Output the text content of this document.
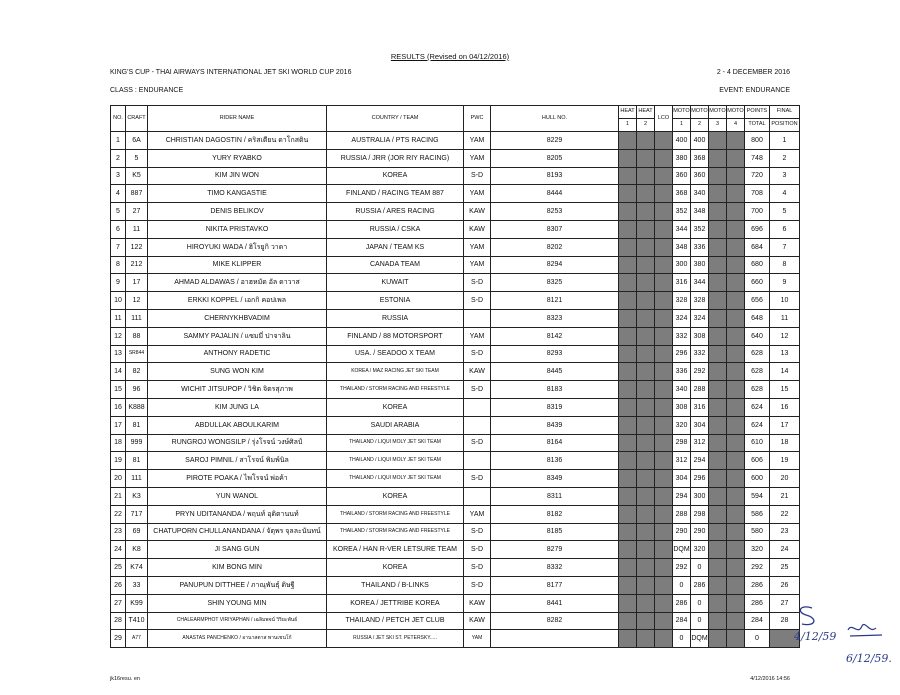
RESULTS (Revised on 04/12/2016)
KING'S CUP - THAI AIRWAYS INTERNATIONAL JET SKI WORLD CUP 2016	2 - 4 DECEMBER 2016
CLASS : ENDURANCE	EVENT: ENDURANCE
NO.	CRAFT	RIDER NAME	COUNTRY / TEAM	PWC	HULL NO.	HEAT	HEAT	LCO	MOTO	MOTO	MOTO	MOTO	POINTS	FINAL
						1	2		1	2	3	4	TOTAL	POSITION
1	6A	CHRISTIAN DAGOSTIN / คริสเตียน ดาโกสติน	AUSTRALIA / PTS RACING	YAM	8229				400	400			800	1
2	5	YURY RYABKO	RUSSIA / JRR (JOR RIY RACING)	YAM	8205				380	368			748	2
3	K5	KIM JIN WON	KOREA	S-D	8193				360	360			720	3
4	887	TIMO KANGASTIE	FINLAND / RACING TEAM 887	YAM	8444				368	340			708	4
5	27	DENIS BELIKOV	RUSSIA / ARES RACING	KAW	8253				352	348			700	5
6	11	NIKITA PRISTAVKO	RUSSIA / CSKA	KAW	8307				344	352			696	6
7	122	HIROYUKI WADA / ฮิโรยูกิ วาดา	JAPAN / TEAM KS	YAM	8202				348	336			684	7
8	212	MIKE KLIPPER	CANADA TEAM	YAM	8294				300	380			680	8
9	17	AHMAD ALDAWAS / อาฮหมัด อัล ดาวาส	KUWAIT	S-D	8325				316	344			660	9
10	12	ERKKI KOPPEL / เอกกิ คอปเพล	ESTONIA	S-D	8121				328	328			656	10
11	111	CHERNYKHBVADIM	RUSSIA		8323				324	324			648	11
12	88	SAMMY PAJALIN / แซมมี่ ปาจาลิน	FINLAND / 88 MOTORSPORT	YAM	8142				332	308			640	12
13	SR844	ANTHONY RADETIC	USA. / SEADOO X TEAM	S-D	8293				296	332			628	13
14	82	SUNG WON KIM	KOREA / MAZ RACING JET SKI TEAM	KAW	8445				336	292			628	14
15	96	WICHIT JITSUPOP / วิชิต จิตรสุภาพ	THAILAND / STORM RACING AND FREESTYLE	S-D	8183				340	288			628	15
16	K888	KIM JUNG LA	KOREA		8319				308	316			624	16
17	81	ABDULLAK ABOULKARIM	SAUDI ARABIA		8439				320	304			624	17
18	999	RUNGROJ WONGSILP / รุ่งโรจน์ วงษ์ศิลป์	THAILAND / LIQUI MOLY JET SKI TEAM	S-D	8164				298	312			610	18
19	81	SAROJ PIMNIL / สาโรจน์ พิมพ์นิล	THAILAND / LIQUI MOLY JET SKI TEAM		8136				312	294			606	19
20	111	PIROTE POAKA / ไพโรจน์ พ่อค้า	THAILAND / LIQUI MOLY JET SKI TEAM	S-D	8349				304	296			600	20
21	K3	YUN WANOL	KOREA		8311				294	300			594	21
22	717	PRYN UDITANANDA / พฤนท์ อุดิตานนท์	THAILAND / STORM RACING AND FREESTYLE	YAM	8182				288	298			586	22
23	69	CHATUPORN CHULLANANDANA / จัตุพร จุลละนันทน์	THAILAND / STORM RACING AND FREESTYLE	S-D	8185				290	290			580	23
24	K8	JI SANG GUN	KOREA / HAN R-VER LETSURE TEAM	S-D	8279				DQM	320			320	24
25	K74	KIM BONG MIN	KOREA	S-D	8332				292	0			292	25
26	33	PANUPUN DITTHEE / ภาณุพันธุ์ ดิษฐี	THAILAND / B-LINKS	S-D	8177				0	286			286	26
27	K99	SHIN YOUNG MIN	KOREA / JETTRIBE KOREA	KAW	8441				286	0			286	27
28	T410	CHALEARMPHOT VIRIYAPHAN / เฉลิมพจน์ วิริยะพันธ์	THAILAND / PETCH JET CLUB	KAW	8282				284	0			284	28
29	A77	ANASTAS PANCHENKO / อานาสตาส พานเชนโก้	RUSSIA / JET SKI ST. PETERSKY.....	YAM					0	DQM			0	
jk16resu. en	4/12/2016 14:56
4/12/59
6/12/59.
